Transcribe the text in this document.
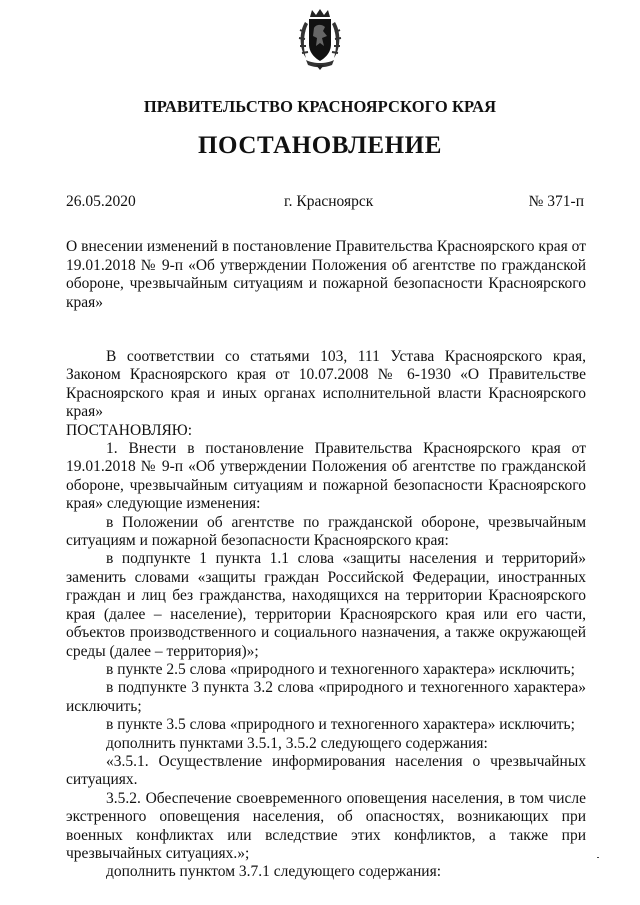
ПРАВИТЕЛЬСТВО КРАСНОЯРСКОГО КРАЯ
ПОСТАНОВЛЕНИЕ
26.05.2020	г. Красноярск	№ 371-п
О внесении изменений в постановление Правительства Красноярского края от 19.01.2018 № 9-п «Об утверждении Положения об агентстве по гражданской обороне, чрезвычайным ситуациям и пожарной безопасности Красноярского края»

В соответствии со статьями 103, 111 Устава Красноярского края, Законом Красноярского края от 10.07.2008 № 6-1930 «О Правительстве Красноярского края и иных органах исполнительной власти Красноярского края»

ПОСТАНОВЛЯЮ:

1. Внести в постановление Правительства Красноярского края от 19.01.2018 № 9-п «Об утверждении Положения об агентстве по гражданской обороне, чрезвычайным ситуациям и пожарной безопасности Красноярского края» следующие изменения:

в Положении об агентстве по гражданской обороне, чрезвычайным ситуациям и пожарной безопасности Красноярского края:

в подпункте 1 пункта 1.1 слова «защиты населения и территорий» заменить словами «защиты граждан Российской Федерации, иностранных граждан и лиц без гражданства, находящихся на территории Красноярского края (далее – население), территории Красноярского края или его части, объектов производственного и социального назначения, а также окружающей среды (далее – территория)»;

в пункте 2.5 слова «природного и техногенного характера» исключить;

в подпункте 3 пункта 3.2 слова «природного и техногенного характера» исключить;

в пункте 3.5 слова «природного и техногенного характера» исключить;

дополнить пунктами 3.5.1, 3.5.2 следующего содержания:

«3.5.1. Осуществление информирования населения о чрезвычайных ситуациях.

3.5.2. Обеспечение своевременного оповещения населения, в том числе экстренного оповещения населения, об опасностях, возникающих при военных конфликтах или вследствие этих конфликтов, а также при чрезвычайных ситуациях.»;

дополнить пунктом 3.7.1 следующего содержания:
